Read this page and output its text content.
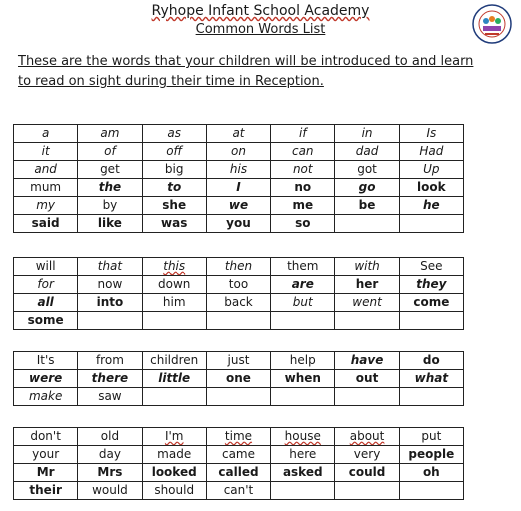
Ryhope Infant School Academy
Common Words List
These are the words that your children will be introduced to and learn to read on sight during their time in Reception.
a	am	as	at	if	in	Is
it	of	off	on	can	dad	Had
and	get	big	his	not	got	Up
mum	the	to	I	no	go	look
my	by	she	we	me	be	he
said	like	was	you	so		
will	that	this	then	them	with	See
for	now	down	too	are	her	they
all	into	him	back	but	went	come
some						
It's	from	children	just	help	have	do
were	there	little	one	when	out	what
make	saw					
don't	old	I'm	time	house	about	put
your	day	made	came	here	very	people
Mr	Mrs	looked	called	asked	could	oh
their	would	should	can't			
